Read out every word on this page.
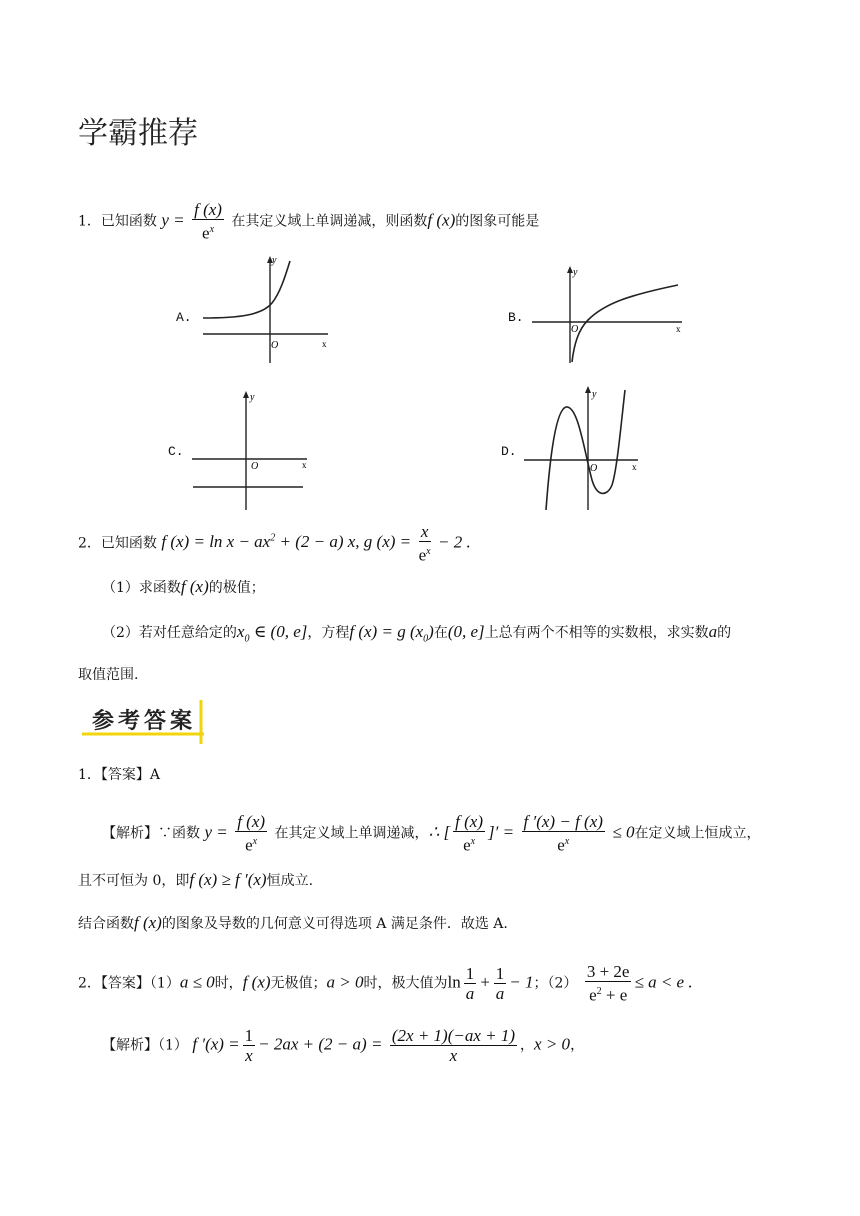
学霸推荐
1．已知函数 $y = \frac{f (x)}{e^x}$ 在其定义域上单调递减，则函数f (x)的图象可能是
A.	B.
C.	D.
y
x
O
y
x
O
y
x
O
y
x
O
2．已知函数 f $(x) = \ln x - ax^2 + (2 - a)$ x, g $(x) = \frac{x}{e^x} - 2$ .
（1）求函数f (x)的极值；
（2）若对任意给定的$x_0$ ∈ (0, e]，方程f (x) = g $(x_0)$在(0, e]上总有两个不相等的实数根，求实数a的
取值范围.
参考答案
1．【答案】A
【解析】∵函数 $y = \frac{f (x)}{e^x}$ 在其定义域上单调递减，∴ [ $\frac{f (x)}{e^x}$ ]′ = $\frac{f '(x) - f (x)}{e^x} \le 0$在定义域上恒成立，
且不可恒为 0，即f (x) ≥ f ′(x)恒成立.
结合函数f (x)的图象及导数的几何意义可得选项 A 满足条件．故选 A.
2．【答案】（1）a ≤ 0时，f (x)无极值；a > 0时，极大值为$\ln \frac{1}{a} + \frac{1}{a} - 1$；$(2) \frac{3 + 2e}{e^2 + e} \le a < e$ .
【解析】（1） f $'(x) = \frac{1}{x} - 2ax + (2 - a) = \frac{(2x + 1)(-ax + 1)}{x}$ ，x > 0，
